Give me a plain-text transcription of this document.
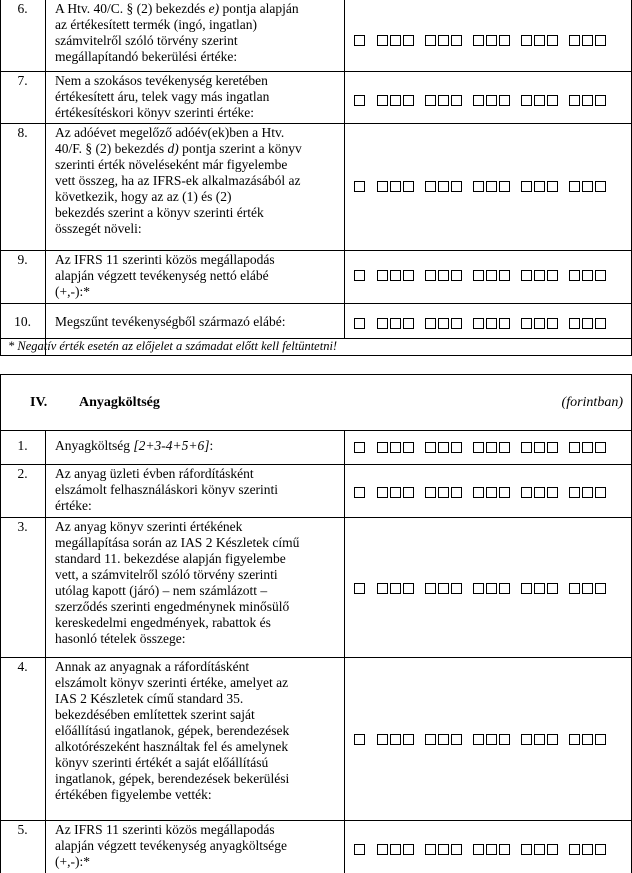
6.	A Htv. 40/C. § (2) bekezdés e) pontja alapján
az értékesített termék (ingó, ingatlan)
számvitelről szóló törvény szerint
megállapítandó bekerülési értéke:
7.	Nem a szokásos tevékenység keretében
értékesített áru, telek vagy más ingatlan
értékesítéskori könyv szerinti értéke:
8.	Az adóévet megelőző adóév(ek)ben a Htv.
40/F. § (2) bekezdés d) pontja szerint a könyv
szerinti érték növeléseként már figyelembe
vett összeg, ha az IFRS-ek alkalmazásából az
következik, hogy az az (1) és (2)
bekezdés szerint a könyv szerinti érték
összegét növeli:
9.	Az IFRS 11 szerinti közös megállapodás
alapján végzett tevékenység nettó elábé
(+,-):*
10.	Megszűnt tevékenységből származó elábé:
* Negatív érték esetén az előjelet a számadat előtt kell feltüntetni!
IV. Anyagköltség	(forintban)
1.	Anyagköltség [2+3-4+5+6]:
2.	Az anyag üzleti évben ráfordításként
elszámolt felhasználáskori könyv szerinti
értéke:
3.	Az anyag könyv szerinti értékének
megállapítása során az IAS 2 Készletek című
standard 11. bekezdése alapján figyelembe
vett, a számvitelről szóló törvény szerinti
utólag kapott (járó) – nem számlázott –
szerződés szerinti engedménynek minősülő
kereskedelmi engedmények, rabattok és
hasonló tételek összege:
4.	Annak az anyagnak a ráfordításként
elszámolt könyv szerinti értéke, amelyet az
IAS 2 Készletek című standard 35.
bekezdésében említettek szerint saját
előállítású ingatlanok, gépek, berendezések
alkotórészeként használtak fel és amelynek
könyv szerinti értékét a saját előállítású
ingatlanok, gépek, berendezések bekerülési
értékében figyelembe vették:
5.	Az IFRS 11 szerinti közös megállapodás
alapján végzett tevékenység anyagköltsége
(+,-):*
